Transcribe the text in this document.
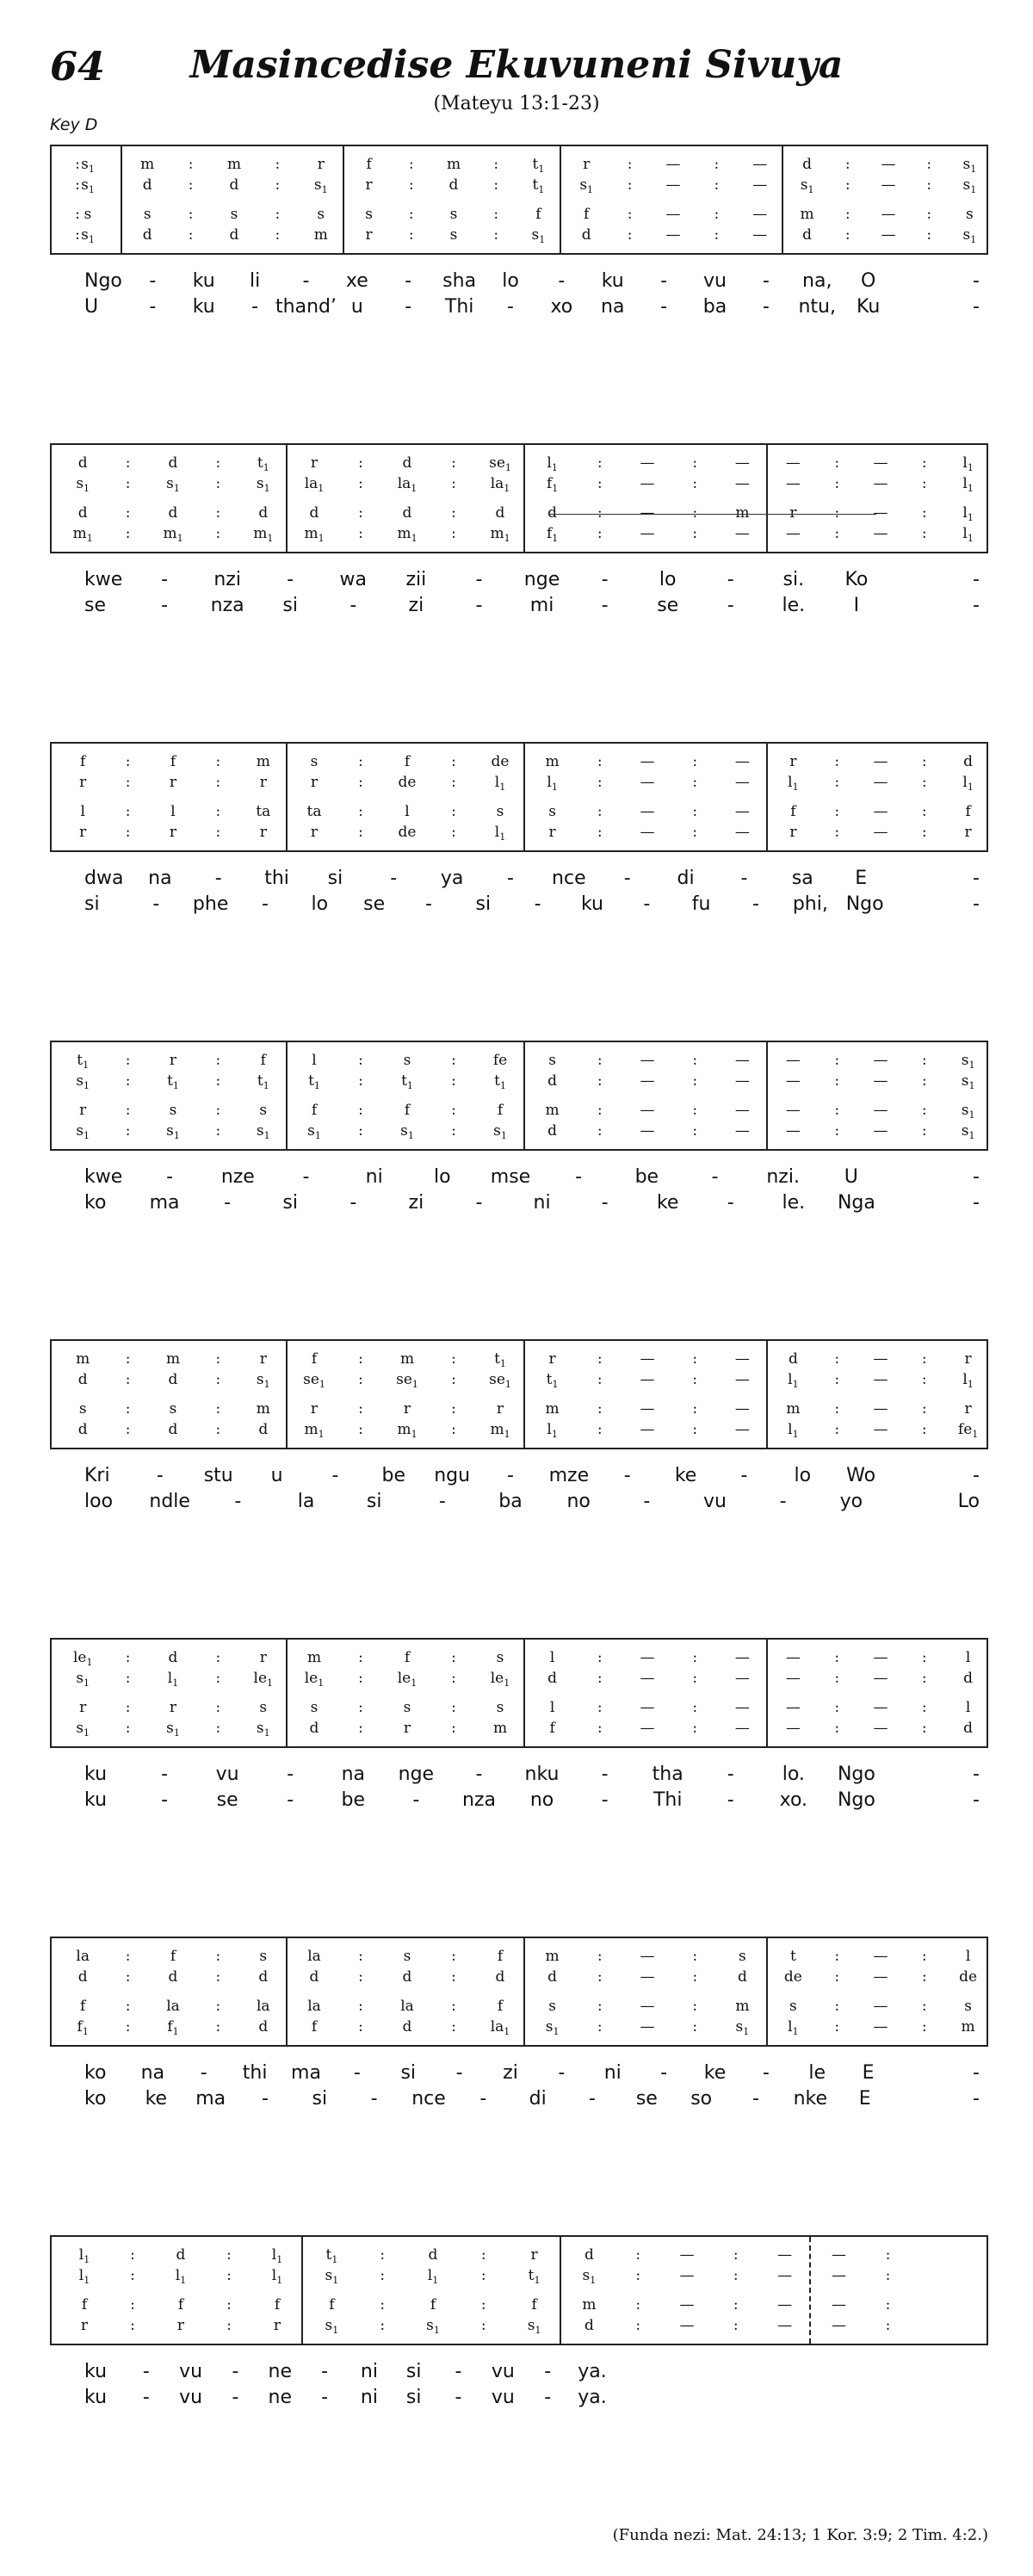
64	Masincedise Ekuvuneni Sivuya
(Mateyu 13:1-23)
Key D
: $s_1$	m	:	m	:	r	f	:	m	:	$t_1$	r	:	—	:	—	d	:	—	:	$s_1$
: $s_1$	d	:	d	:	$s_1$	r	:	d	:	$t_1$	$s_1$	:	—	:	—	$s_1$	:	—	:	$s_1$
: s	s	:	s	:	s	s	:	s	:	f	f	:	—	:	—	m	:	—	:	s
: $s_1$	d	:	d	:	m	r	:	s	:	$s_1$	d	:	—	:	—	d	:	—	:	$s_1$
Ngo - ku li - xe - sha lo - ku - vu - na, O	-
U	- ku - thand’ u - Thi - xo na - ba - ntu, Ku	-
d	:	d	:	$t_1$	r	:	d	:	$se_1$	$l_1$	:	—	:	—	—	:	—	:	$l_1$
$s_1$	:	$s_1$	:	$s_1$	$la_1$	:	$la_1$	:	$la_1$	$f_1$	:	—	:	—	—	:	—	:	$l_1$
d	:	d	:	d	d	:	d	:	d	d	:	—	:	m	r	:	—	:	$l_1$
$m_1$	:	$m_1$	:	$m_1$	$m_1$	:	$m_1$	:	$m_1$	$f_1$	:	—	:	—	—	:	—	:	$l_1$
kwe - nzi - wa zii	- nge -	lo	-	si. Ko	-
se	- nza si	-	zi	-	mi	-	se	-	le.	I	-
f	:	f	:	m	s	:	f	:	de	m	:	—	:	—	r	:	—	:	d
r	:	r	:	r	r	:	de	:	$l_1$	$l_1$	:	—	:	—	$l_1$	:	—	:	$l_1$
l	:	l	:	ta	ta	:	l	:	s	s	:	—	:	—	f	:	—	:	f
r	:	r	:	r	r	:	de	:	$l_1$	r	:	—	:	—	r	:	—	:	r
dwa na - thi si	- ya - nce - di - sa E	-
si	- phe - lo se - si - ku - fu - phi, Ngo	-
$t_1$	:	r	:	f	l	:	s	:	fe	s	:	—	:	—	—	:	—	:	$s_1$
$s_1$	:	$t_1$	:	$t_1$	$t_1$	:	$t_1$	:	$t_1$	d	:	—	:	—	—	:	—	:	$s_1$
r	:	s	:	s	f	:	f	:	f	m	:	—	:	—	—	:	—	:	$s_1$
$s_1$	:	$s_1$	:	$s_1$	$s_1$	:	$s_1$	:	$s_1$	d	:	—	:	—	—	:	—	:	$s_1$
kwe -	nze	-	ni	lo mse -	be	-	nzi. U	-
ko ma -	si	-	zi	-	ni	-	ke	-	le. Nga	-
m	:	m	:	r	f	:	m	:	$t_1$	r	:	—	:	—	d	:	—	:	r
d	:	d	:	$s_1$	$se_1$	:	$se_1$	:	$se_1$	$t_1$	:	—	:	—	$l_1$	:	—	:	$l_1$
s	:	s	:	m	r	:	r	:	r	m	:	—	:	—	m	:	—	:	r
d	:	d	:	d	$m_1$	:	$m_1$	:	$m_1$	$l_1$	:	—	:	—	$l_1$	:	—	:	$fe_1$
Kri - stu u	- be ngu - mze - ke - lo Wo	-
loo ndle -	la	si	-	ba no	-	vu	-	yo	Lo
$le_1$	:	d	:	r	m	:	f	:	s	l	:	—	:	—	—	:	—	:	l
$s_1$	:	$l_1$	:	$le_1$	$le_1$	:	$le_1$	:	$le_1$	d	:	—	:	—	—	:	—	:	d
r	:	r	:	s	s	:	s	:	s	l	:	—	:	—	—	:	—	:	l
$s_1$	:	$s_1$	:	$s_1$	d	:	r	:	m	f	:	—	:	—	—	:	—	:	d
ku	-	vu	-	na nge - nku - tha -	lo. Ngo	-
ku	-	se	-	be	- nza no	- Thi - xo. Ngo	-
la	:	f	:	s	la	:	s	:	f	m	:	—	:	s	t	:	—	:	l
d	:	d	:	d	d	:	d	:	d	d	:	—	:	d	de	:	—	:	de
f	:	la	:	la	la	:	la	:	f	s	:	—	:	m	s	:	—	:	s
$f_1$	:	$f_1$	:	d	f	:	d	:	$la_1$	$s_1$	:	—	:	$s_1$	$l_1$	:	—	:	m
ko na - thi ma - si - zi - ni - ke - le E	-
ko ke ma - si - nce - di - se so - nke E	-
$l_1$	:	d	:	$l_1$	$t_1$	:	d	:	r	d	:	—	:	—	—	:
$l_1$	:	$l_1$	:	$l_1$	$s_1$	:	$l_1$	:	$t_1$	$s_1$	:	—	:	—	—	:
f	:	f	:	f	f	:	f	:	f	m	:	—	:	—	—	:
r	:	r	:	r	$s_1$	:	$s_1$	:	$s_1$	d	:	—	:	—	—	:
ku - vu - ne - ni si - vu - ya.
ku - vu - ne - ni si - vu - ya.
(Funda nezi: Mat. 24:13; 1 Kor. 3:9; 2 Tim. 4:2.)
